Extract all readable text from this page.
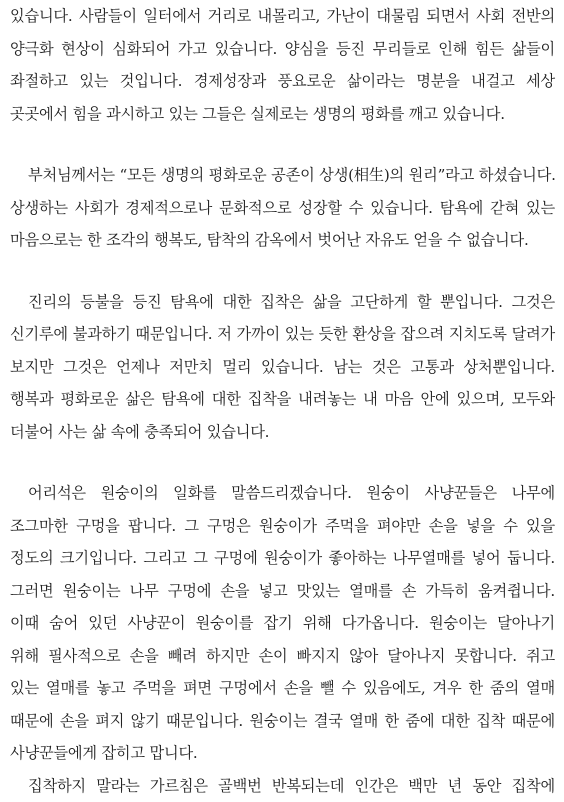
있습니다. 사람들이 일터에서 거리로 내몰리고, 가난이 대물림 되면서 사회 전반의
양극화 현상이 심화되어 가고 있습니다. 양심을 등진 무리들로 인해 힘든 삶들이
좌절하고 있는 것입니다. 경제성장과 풍요로운 삶이라는 명분을 내걸고 세상
곳곳에서 힘을 과시하고 있는 그들은 실제로는 생명의 평화를 깨고 있습니다.
부처님께서는 “모든 생명의 평화로운 공존이 상생(相生)의 원리”라고 하셨습니다.
상생하는 사회가 경제적으로나 문화적으로 성장할 수 있습니다. 탐욕에 갇혀 있는
마음으로는 한 조각의 행복도, 탐착의 감옥에서 벗어난 자유도 얻을 수 없습니다.
진리의 등불을 등진 탐욕에 대한 집착은 삶을 고단하게 할 뿐입니다. 그것은
신기루에 불과하기 때문입니다. 저 가까이 있는 듯한 환상을 잡으려 지치도록 달려가
보지만 그것은 언제나 저만치 멀리 있습니다. 남는 것은 고통과 상처뿐입니다.
행복과 평화로운 삶은 탐욕에 대한 집착을 내려놓는 내 마음 안에 있으며, 모두와
더불어 사는 삶 속에 충족되어 있습니다.
어리석은 원숭이의 일화를 말씀드리겠습니다. 원숭이 사냥꾼들은 나무에
조그마한 구멍을 팝니다. 그 구멍은 원숭이가 주먹을 펴야만 손을 넣을 수 있을
정도의 크기입니다. 그리고 그 구멍에 원숭이가 좋아하는 나무열매를 넣어 둡니다.
그러면 원숭이는 나무 구멍에 손을 넣고 맛있는 열매를 손 가득히 움켜쥡니다.
이때 숨어 있던 사냥꾼이 원숭이를 잡기 위해 다가옵니다. 원숭이는 달아나기
위해 필사적으로 손을 빼려 하지만 손이 빠지지 않아 달아나지 못합니다. 쥐고
있는 열매를 놓고 주먹을 펴면 구멍에서 손을 뺄 수 있음에도, 겨우 한 줌의 열매
때문에 손을 펴지 않기 때문입니다. 원숭이는 결국 열매 한 줌에 대한 집착 때문에
사냥꾼들에게 잡히고 맙니다.
집착하지 말라는 가르침은 골백번 반복되는데 인간은 백만 년 동안 집착에
